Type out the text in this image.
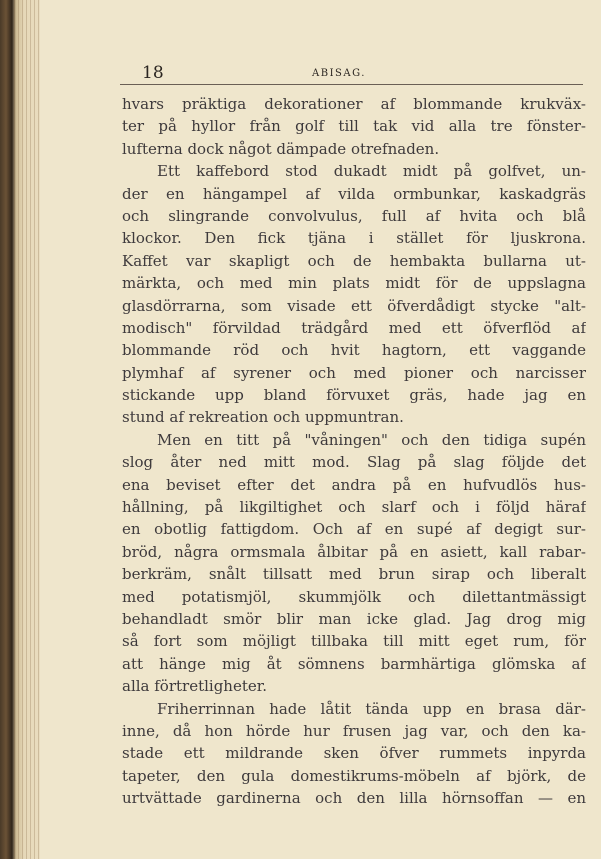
18	ABISAG.
hvars präktiga dekorationer af blommande krukväx-
ter på hyllor från golf till tak vid alla tre fönster-
lufterna dock något dämpade otrefnaden.
Ett kaffebord stod dukadt midt på golfvet, un-
der en hängampel af vilda ormbunkar, kaskadgräs
och slingrande convolvulus, full af hvita och blå
klockor. Den fick tjäna i stället för ljuskrona.
Kaffet var skapligt och de hembakta bullarna ut-
märkta, och med min plats midt för de uppslagna
glasdörrarna, som visade ett öfverdådigt stycke "alt-
modisch" förvildad trädgård med ett öfverflöd af
blommande röd och hvit hagtorn, ett vaggande
plymhaf af syrener och med pioner och narcisser
stickande upp bland förvuxet gräs, hade jag en
stund af rekreation och uppmuntran.
Men en titt på "våningen" och den tidiga supén
slog åter ned mitt mod. Slag på slag följde det
ena beviset efter det andra på en hufvudlös hus-
hållning, på likgiltighet och slarf och i följd häraf
en obotlig fattigdom. Och af en supé af degigt sur-
bröd, några ormsmala ålbitar på en asiett, kall rabar-
berkräm, snålt tillsatt med brun sirap och liberalt
med potatismjöl, skummjölk och dilettantmässigt
behandladt smör blir man icke glad. Jag drog mig
så fort som möjligt tillbaka till mitt eget rum, för
att hänge mig åt sömnens barmhärtiga glömska af
alla förtretligheter.
Friherrinnan hade låtit tända upp en brasa där-
inne, då hon hörde hur frusen jag var, och den ka-
stade ett mildrande sken öfver rummets inpyrda
tapeter, den gula domestikrums-möbeln af björk, de
urtvättade gardinerna och den lilla hörnsoffan — en
